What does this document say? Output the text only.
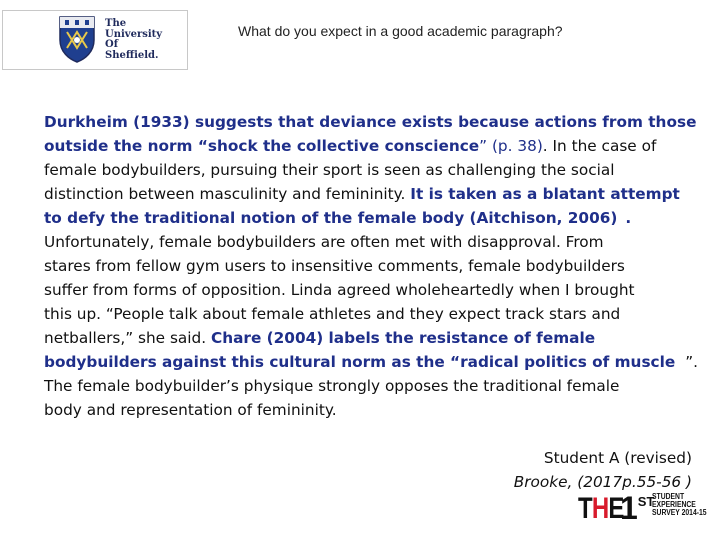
The
University
Of
Sheffield.
What do you expect in a good academic paragraph?
Durkheim (1933) suggests that deviance exists because actions from those
outside the norm “shock the collective conscience” (p. 38). In the case of
female bodybuilders, pursuing their sport is seen as challenging the social
distinction between masculinity and femininity. It is taken as a blatant attempt
to defy the traditional notion of the female body (Aitchison, 2006) .
Unfortunately, female bodybuilders are often met with disapproval. From
stares from fellow gym users to insensitive comments, female bodybuilders
suffer from forms of opposition. Linda agreed wholeheartedly when I brought
this up. “People talk about female athletes and they expect track stars and
netballers,” she said. Chare (2004) labels the resistance of female
bodybuilders against this cultural norm as the “radical politics of muscle ”.
The female bodybuilder’s physique strongly opposes the traditional female
body and representation of femininity.
Student A (revised)
Brooke, (2017p.55-56 )
THE
1ST
STUDENT
EXPERIENCE
SURVEY 2014-15
